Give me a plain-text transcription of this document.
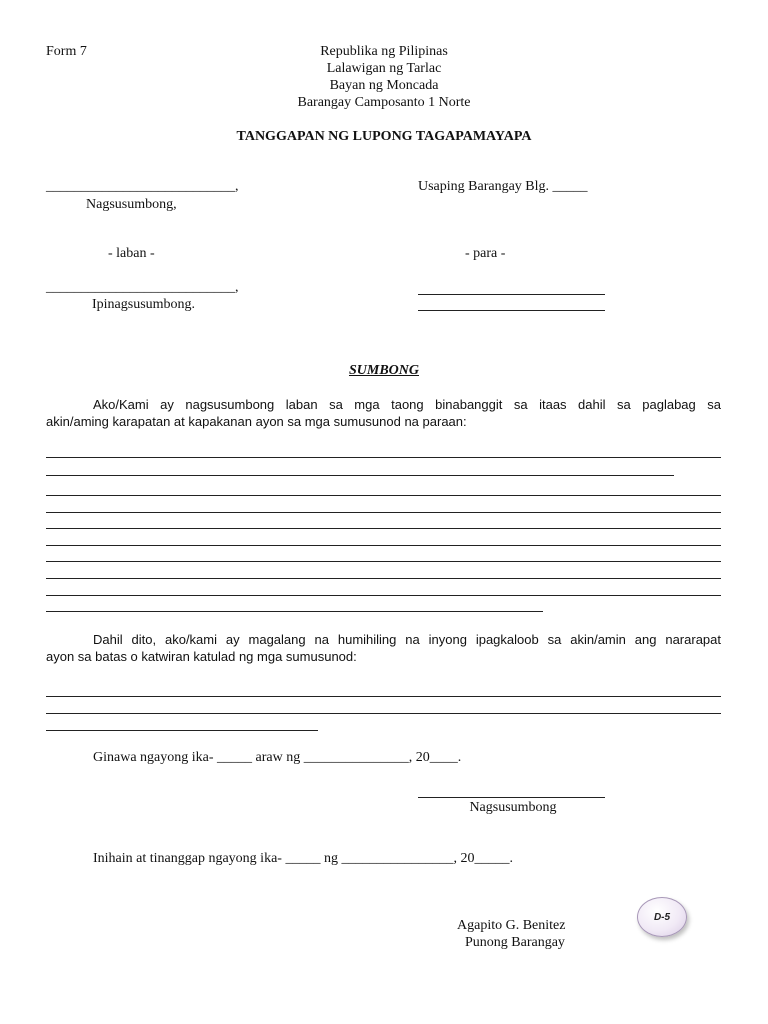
Form 7	Republika ng Pilipinas
Lalawigan ng Tarlac
Bayan ng Moncada
Barangay Camposanto 1 Norte
TANGGAPAN NG LUPONG TAGAPAMAYAPA
___________________________,
Nagsusumbong,
Usaping Barangay Blg. _____
- laban -	- para -
___________________________,
Ipinagsusumbong.
SUMBONG
Ako/Kami ay nagsusumbong laban sa mga taong binabanggit sa itaas dahil sa paglabag sa
akin/aming karapatan at kapakanan ayon sa mga sumusunod na paraan:
Dahil dito, ako/kami ay magalang na humihiling na inyong ipagkaloob sa akin/amin ang nararapat
ayon sa batas o katwiran katulad ng mga sumusunod:
Ginawa ngayong ika- _____ araw ng _______________, 20____.
Nagsusumbong
Inihain at tinanggap ngayong ika- _____ ng ________________, 20_____.
Agapito G. Benitez
Punong Barangay
D-5
